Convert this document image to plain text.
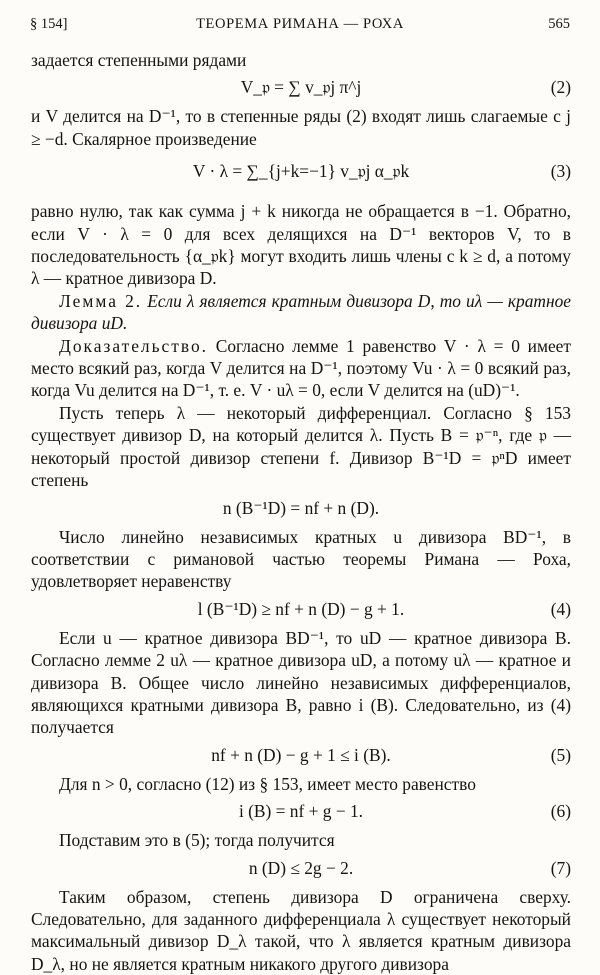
§ 154]	ТЕОРЕМА РИМАНА — РОХА	565

задается степенными рядами

V_𝔭 = ∑ v_𝔭j π^j	(2)

и V делится на D⁻¹, то в степенные ряды (2) входят лишь слагаемые с j ≥ −d. Скалярное произведение

V · λ = ∑_{j+k=−1} v_𝔭j α_𝔭k	(3)

равно нулю, так как сумма j + k никогда не обращается в −1. Обратно, если V · λ = 0 для всех делящихся на D⁻¹ векторов V, то в последовательность {α_𝔭k} могут входить лишь члены с k ≥ d, а потому λ — кратное дивизора D.

Лемма 2. Если λ является кратным дивизора D, то uλ — кратное дивизора uD.

Доказательство. Согласно лемме 1 равенство V · λ = 0 имеет место всякий раз, когда V делится на D⁻¹, поэтому Vu · λ = 0 всякий раз, когда Vu делится на D⁻¹, т. е. V · uλ = 0, если V делится на (uD)⁻¹.

Пусть теперь λ — некоторый дифференциал. Согласно § 153 существует дивизор D, на который делится λ. Пусть B = 𝔭⁻ⁿ, где 𝔭 — некоторый простой дивизор степени f. Дивизор B⁻¹D = 𝔭ⁿD имеет степень

n (B⁻¹D) = nf + n (D).

Число линейно независимых кратных u дивизора BD⁻¹, в соответствии с римановой частью теоремы Римана — Роха, удовлетворяет неравенству

l (B⁻¹D) ≥ nf + n (D) − g + 1.	(4)

Если u — кратное дивизора BD⁻¹, то uD — кратное дивизора B. Согласно лемме 2 uλ — кратное дивизора uD, а потому uλ — кратное и дивизора B. Общее число линейно независимых дифференциалов, являющихся кратными дивизора B, равно i (B). Следовательно, из (4) получается

nf + n (D) − g + 1 ≤ i (B).	(5)

Для n > 0, согласно (12) из § 153, имеет место равенство

i (B) = nf + g − 1.	(6)

Подставим это в (5); тогда получится

n (D) ≤ 2g − 2.	(7)

Таким образом, степень дивизора D ограничена сверху. Следовательно, для заданного дифференциала λ существует некоторый максимальный дивизор D_λ такой, что λ является кратным дивизора D_λ, но не является кратным никакого другого дивизора
